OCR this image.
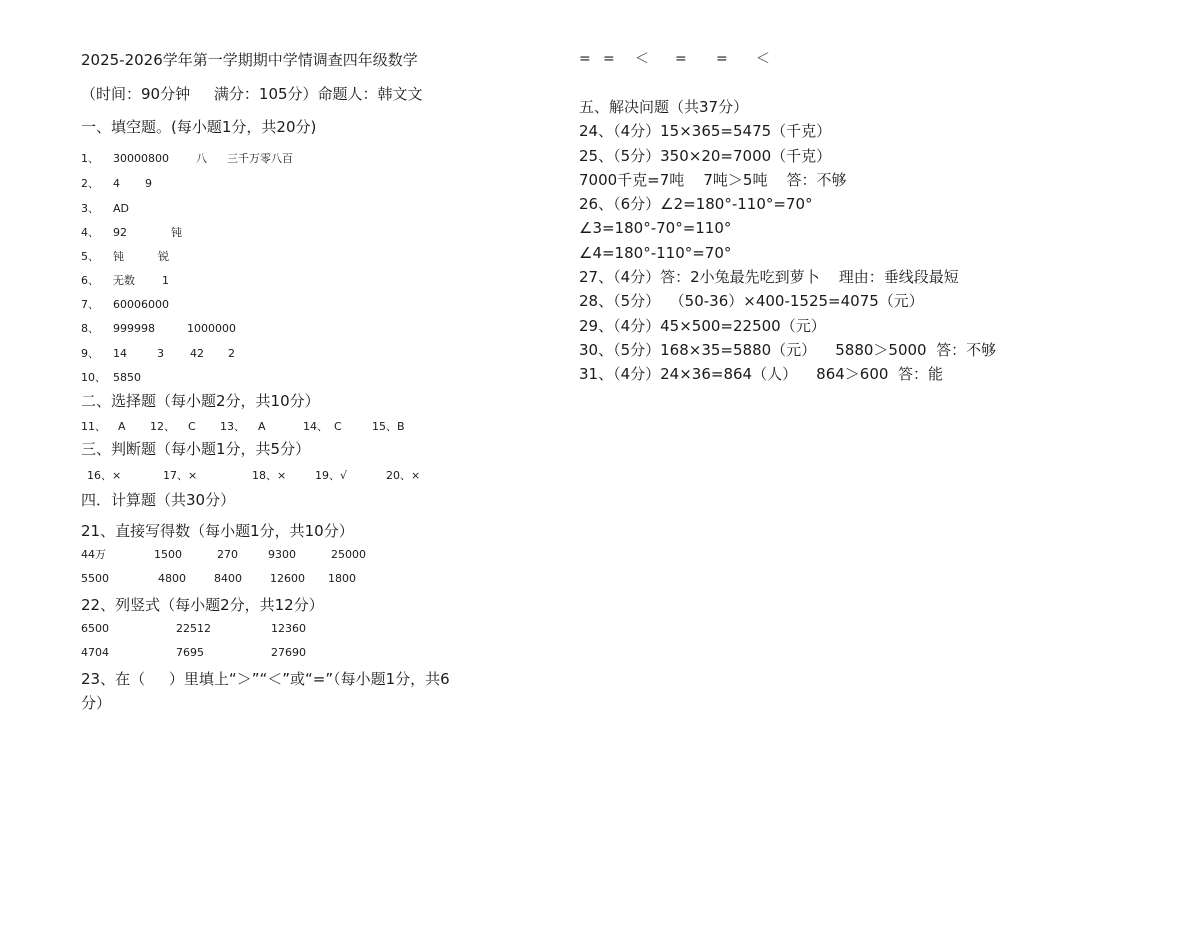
2025-2026学年第一学期期中学情调查四年级数学
（时间：90分钟     满分：105分）命题人：韩文文
一、填空题。(每小题1分，共20分)
1、 30000800 八 三千万零八百
2、 4 9
3、 AD
4、 92	钝
5、 钝	锐
6、 无数 1
7、 60006000
8、 999998	1000000
9、 14	3 42 2
10、 5850
二、选择题（每小题2分，共10分）
11、 A 12、 C 13、 A	14、 C	15、B
三、判断题（每小题1分，共5分）
16、×	17、×	18、×	19、√	20、×
四．计算题（共30分）
21、直接写得数（每小题1分，共10分）
44万	1500	270	9300	25000
5500	4800	8400	12600 1800
22、列竖式（每小题2分，共12分）
6500	22512	12360
4704	7695	27690
23、在（     ）里填上“＞”“＜”或“=”（每小题1分，共6
分）
= = ＜ = = ＜
五、解决问题（共37分）
24、（4分）15×365=5475（千克）
25、（5分）350×20=7000（千克）
7000千克=7吨    7吨＞5吨    答：不够
26、（6分）∠2=180°-110°=70°
∠3=180°-70°=110°
∠4=180°-110°=70°
27、（4分）答：2小兔最先吃到萝卜    理由：垂线段最短
28、（5分）  （50-36）×400-1525=4075（元）
29、（4分）45×500=22500（元）
30、（5分）168×35=5880（元）    5880＞5000  答：不够
31、（4分）24×36=864（人）    864＞600  答：能
